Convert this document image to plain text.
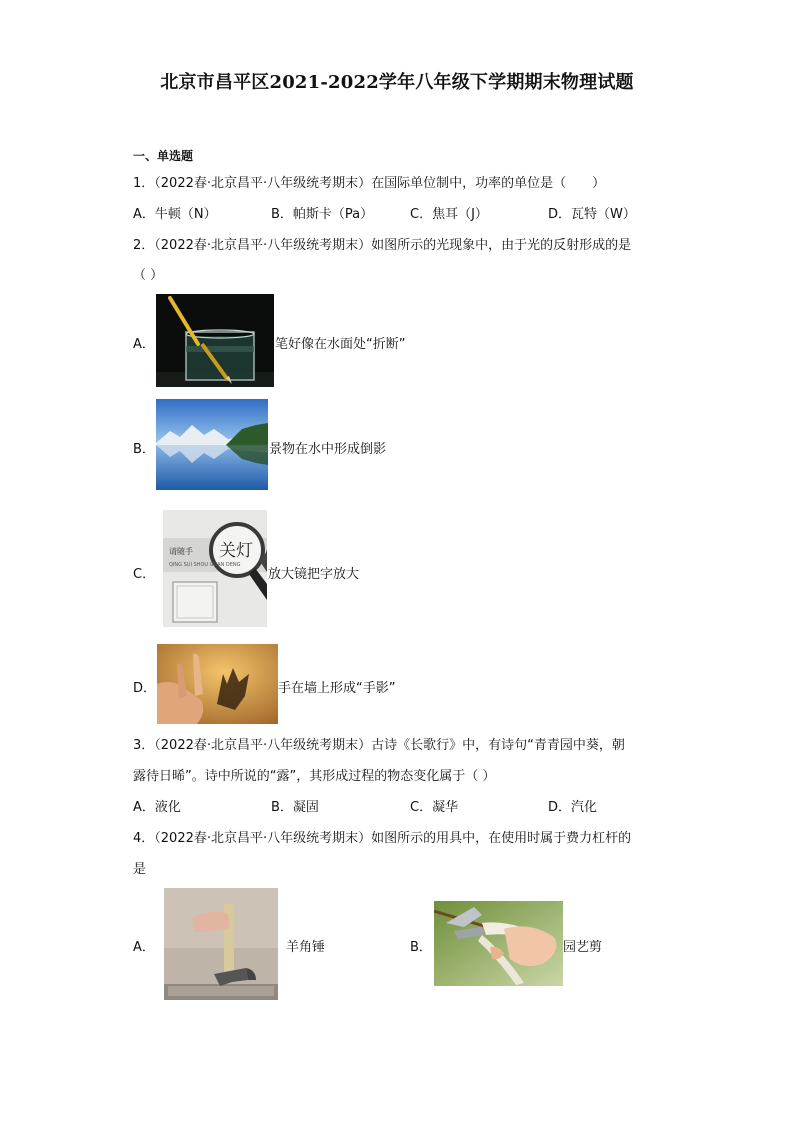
北京市昌平区2021-2022学年八年级下学期期末物理试题
一、单选题
1．（2022春·北京昌平·八年级统考期末）在国际单位制中，功率的单位是（　　）
A．牛顿（N）	B．帕斯卡（Pa）	C．焦耳（J）	D．瓦特（W）
2．（2022春·北京昌平·八年级统考期末）如图所示的光现象中，由于光的反射形成的是
（ ）
A．	笔好像在水面处“折断”
B．	景物在水中形成倒影
C．
请随手 关灯
QING SUI SHOU GUAN DENG
放大镜把字放大
D．	手在墙上形成“手影”
3．（2022春·北京昌平·八年级统考期末）古诗《长歌行》中，有诗句“青青园中葵，朝
露待日晞”。诗中所说的“露”，其形成过程的物态变化属于（ ）
A．液化	B．凝固	C．凝华	D．汽化
4．（2022春·北京昌平·八年级统考期末）如图所示的用具中，在使用时属于费力杠杆的
是
A．	羊角锤	B．	园艺剪
